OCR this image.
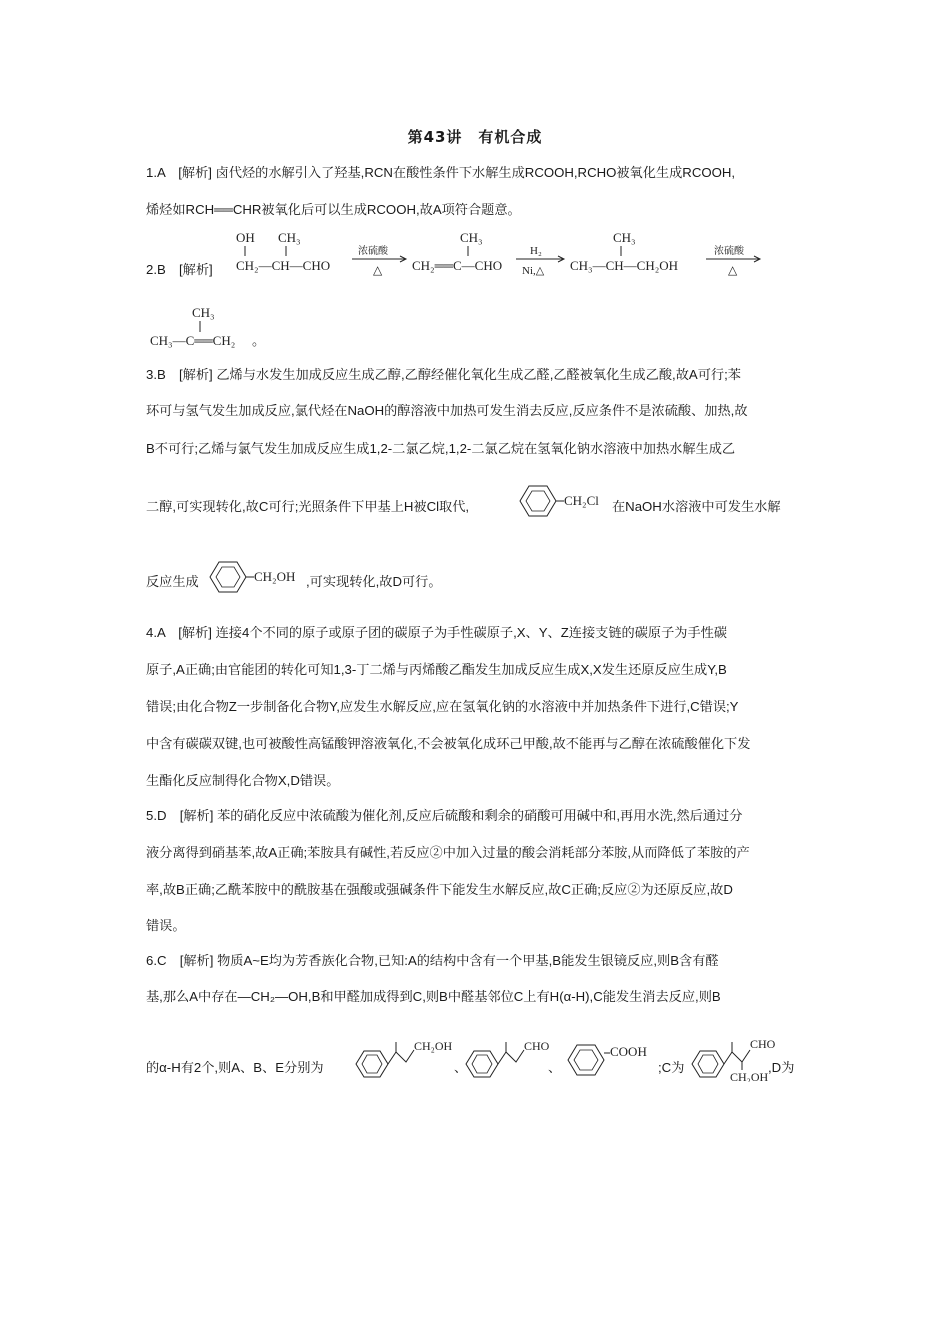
第43讲　有机合成
1.A　[解析] 卤代烃的水解引入了羟基,RCN在酸性条件下水解生成RCOOH,RCHO被氧化生成RCOOH,
烯烃如RCH══CHR被氧化后可以生成RCOOH,故A项符合题意。
2.B　[解析]
OH CH₃
CH₂—CH—CHO
浓硫酸
△
CH₃
CH₂══C—CHO
H₂
Ni,△
CH₃
CH₃—CH—CH₂OH
浓硫酸
△
CH₃
CH₃—C══CH₂ 。
3.B　[解析] 乙烯与水发生加成反应生成乙醇,乙醇经催化氧化生成乙醛,乙醛被氧化生成乙酸,故A可行;苯
环可与氢气发生加成反应,氯代烃在NaOH的醇溶液中加热可发生消去反应,反应条件不是浓硫酸、加热,故
B不可行;乙烯与氯气发生加成反应生成1,2-二氯乙烷,1,2-二氯乙烷在氢氧化钠水溶液中加热水解生成乙
二醇,可实现转化,故C可行;光照条件下甲基上H被Cl取代,	CH₂Cl 在NaOH水溶液中可发生水解
反应生成	CH₂OH ,可实现转化,故D可行。
4.A　[解析] 连接4个不同的原子或原子团的碳原子为手性碳原子,X、Y、Z连接支链的碳原子为手性碳
原子,A正确;由官能团的转化可知1,3-丁二烯与丙烯酸乙酯发生加成反应生成X,X发生还原反应生成Y,B
错误;由化合物Z一步制备化合物Y,应发生水解反应,应在氢氧化钠的水溶液中并加热条件下进行,C错误;Y
中含有碳碳双键,也可被酸性高锰酸钾溶液氧化,不会被氧化成环己甲酸,故不能再与乙醇在浓硫酸催化下发
生酯化反应制得化合物X,D错误。
5.D　[解析] 苯的硝化反应中浓硫酸为催化剂,反应后硫酸和剩余的硝酸可用碱中和,再用水洗,然后通过分
液分离得到硝基苯,故A正确;苯胺具有碱性,若反应②中加入过量的酸会消耗部分苯胺,从而降低了苯胺的产
率,故B正确;乙酰苯胺中的酰胺基在强酸或强碱条件下能发生水解反应,故C正确;反应②为还原反应,故D
错误。
6.C　[解析] 物质A~E均为芳香族化合物,已知:A的结构中含有一个甲基,B能发生银镜反应,则B含有醛
基,那么A中存在—CH₂—OH,B和甲醛加成得到C,则B中醛基邻位C上有H(α-H),C能发生消去反应,则B
的α-H有2个,则A、B、E分别为
CH₂OH
、
CHO
、
COOH
;C为
CHO
CH₂OH
,D为
